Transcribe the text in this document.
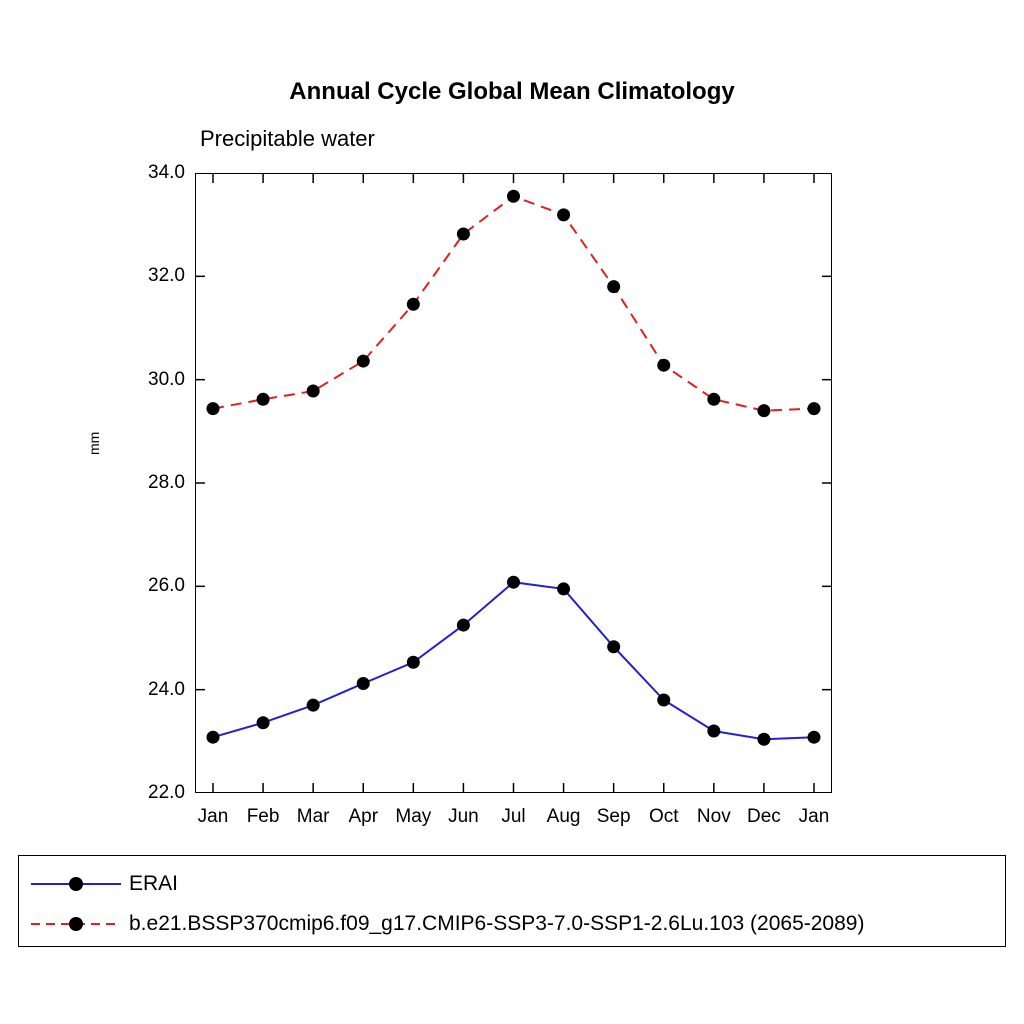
Annual Cycle Global Mean Climatology
Precipitable water
mm
22.0
24.0
26.0
28.0
30.0
32.0
34.0
Jan Feb Mar Apr May Jun Jul Aug Sep Oct Nov Dec Jan
ERAI
b.e21.BSSP370cmip6.f09_g17.CMIP6-SSP3-7.0-SSP1-2.6Lu.103 (2065-2089)
